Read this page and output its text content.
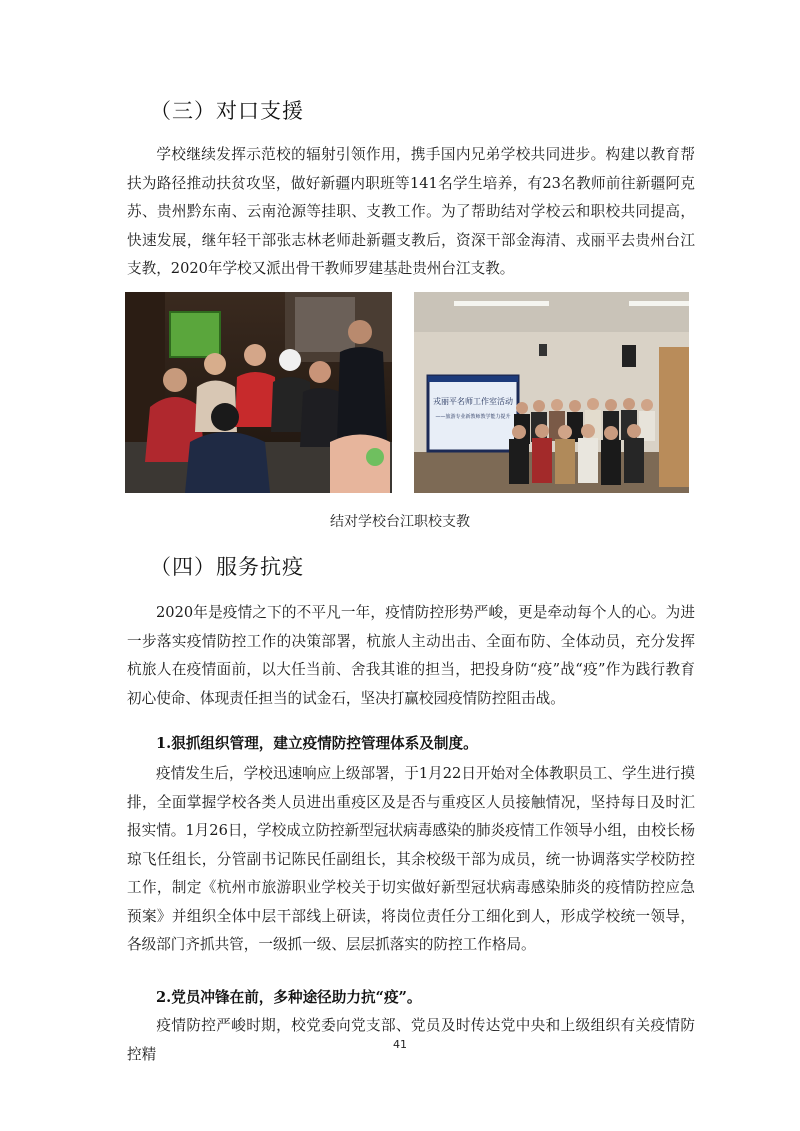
（三）对口支援

学校继续发挥示范校的辐射引领作用，携手国内兄弟学校共同进步。构建以教育帮扶为路径推动扶贫攻坚，做好新疆内职班等141名学生培养，有23名教师前往新疆阿克苏、贵州黔东南、云南沧源等挂职、支教工作。为了帮助结对学校云和职校共同提高，快速发展，继年轻干部张志林老师赴新疆支教后，资深干部金海清、戎丽平去贵州台江支教，2020年学校又派出骨干教师罗建基赴贵州台江支教。

戎丽平名师工作室活动
——旅游专业新教师教学能力提升
结对学校台江职校支教
（四）服务抗疫

2020年是疫情之下的不平凡一年，疫情防控形势严峻，更是牵动每个人的心。为进一步落实疫情防控工作的决策部署，杭旅人主动出击、全面布防、全体动员，充分发挥杭旅人在疫情面前，以大任当前、舍我其谁的担当，把投身防“疫”战“疫”作为践行教育初心使命、体现责任担当的试金石，坚决打赢校园疫情防控阻击战。

1.狠抓组织管理，建立疫情防控管理体系及制度。

疫情发生后，学校迅速响应上级部署，于1月22日开始对全体教职员工、学生进行摸排，全面掌握学校各类人员进出重疫区及是否与重疫区人员接触情况，坚持每日及时汇报实情。1月26日，学校成立防控新型冠状病毒感染的肺炎疫情工作领导小组，由校长杨琼飞任组长，分管副书记陈民任副组长，其余校级干部为成员，统一协调落实学校防控工作，制定《杭州市旅游职业学校关于切实做好新型冠状病毒感染肺炎的疫情防控应急预案》并组织全体中层干部线上研读，将岗位责任分工细化到人，形成学校统一领导，各级部门齐抓共管，一级抓一级、层层抓落实的防控工作格局。

2.党员冲锋在前，多种途径助力抗“疫”。

疫情防控严峻时期，校党委向党支部、党员及时传达党中央和上级组织有关疫情防控精

41
